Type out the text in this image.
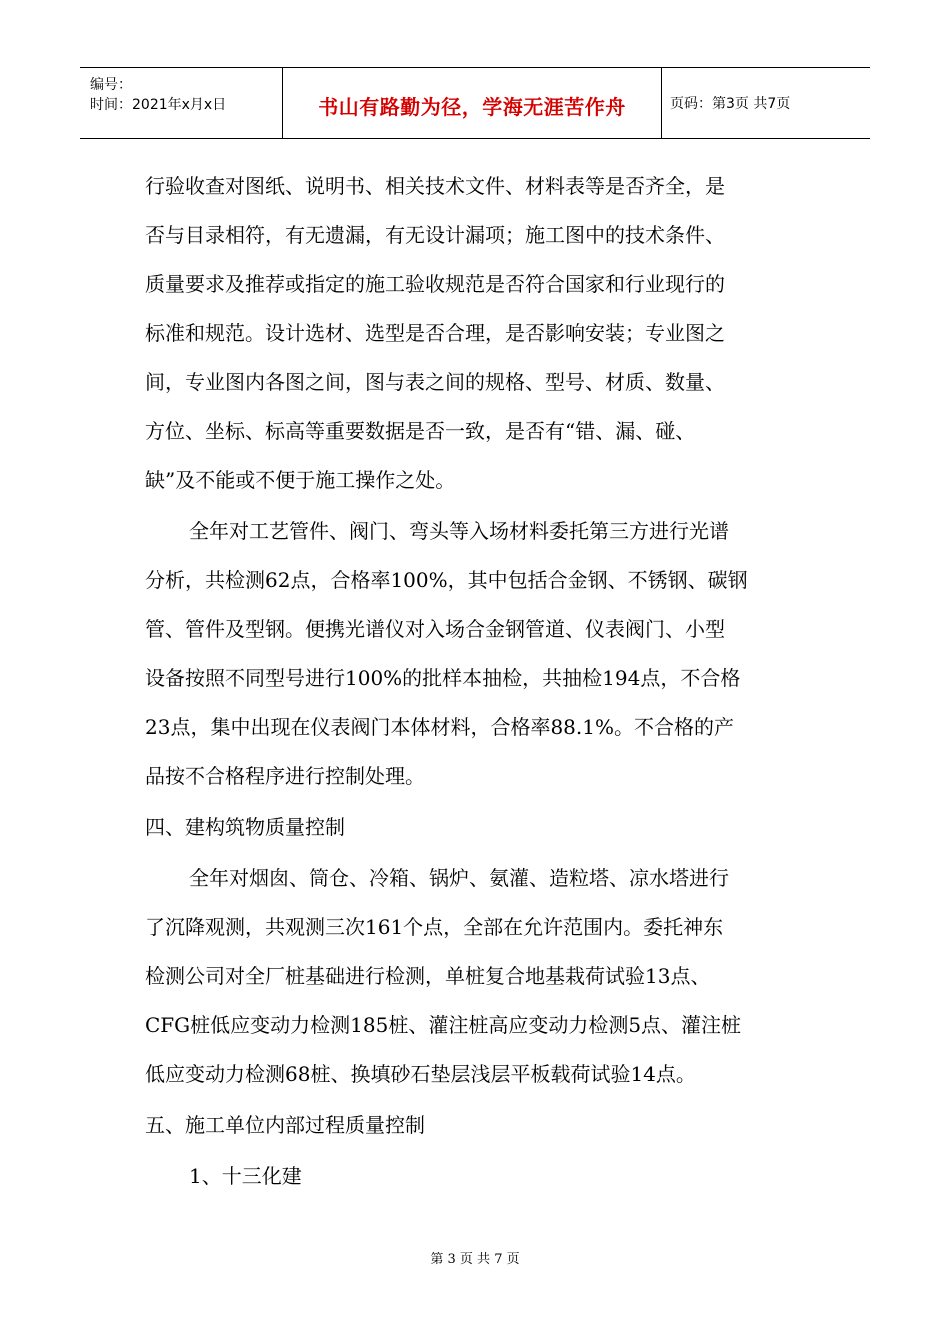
编号：
时间：2021年x月x日	书山有路勤为径，学海无涯苦作舟	页码：第3页 共7页
行验收查对图纸、说明书、相关技术文件、材料表等是否齐全，是
否与目录相符，有无遗漏，有无设计漏项；施工图中的技术条件、
质量要求及推荐或指定的施工验收规范是否符合国家和行业现行的
标准和规范。设计选材、选型是否合理，是否影响安装；专业图之
间，专业图内各图之间，图与表之间的规格、型号、材质、数量、
方位、坐标、标高等重要数据是否一致，是否有“错、漏、碰、
缺”及不能或不便于施工操作之处。
全年对工艺管件、阀门、弯头等入场材料委托第三方进行光谱
分析，共检测62点，合格率100%，其中包括合金钢、不锈钢、碳钢
管、管件及型钢。便携光谱仪对入场合金钢管道、仪表阀门、小型
设备按照不同型号进行100%的批样本抽检，共抽检194点，不合格
23点，集中出现在仪表阀门本体材料，合格率88.1%。不合格的产
品按不合格程序进行控制处理。
四、建构筑物质量控制
全年对烟囱、筒仓、冷箱、锅炉、氨灌、造粒塔、凉水塔进行
了沉降观测，共观测三次161个点，全部在允许范围内。委托神东
检测公司对全厂桩基础进行检测，单桩复合地基栽荷试验13点、
CFG桩低应变动力检测185桩、灌注桩高应变动力检测5点、灌注桩
低应变动力检测68桩、换填砂石垫层浅层平板载荷试验14点。
五、施工单位内部过程质量控制
1、十三化建
第 3 页 共 7 页
